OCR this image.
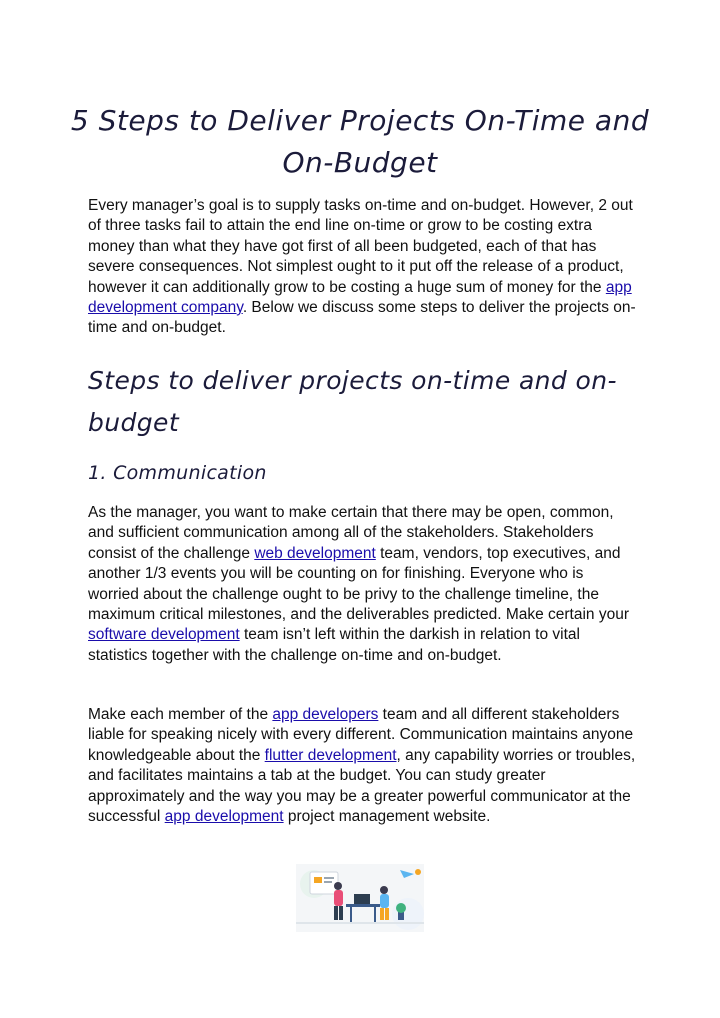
5 Steps to Deliver Projects On-Time and On-Budget

Every manager’s goal is to supply tasks on-time and on-budget. However, 2 out of three tasks fail to attain the end line on-time or grow to be costing extra money than what they have got first of all been budgeted, each of that has severe consequences. Not simplest ought to it put off the release of a product, however it can additionally grow to be costing a huge sum of money for the app development company. Below we discuss some steps to deliver the projects on-time and on-budget.

Steps to deliver projects on-time and on-budget
1. Communication

As the manager, you want to make certain that there may be open, common, and sufficient communication among all of the stakeholders. Stakeholders consist of the challenge web development team, vendors, top executives, and another 1/3 events you will be counting on for finishing. Everyone who is worried about the challenge ought to be privy to the challenge timeline, the maximum critical milestones, and the deliverables predicted. Make certain your software development team isn’t left within the darkish in relation to vital statistics together with the challenge on-time and on-budget.

Make each member of the app developers team and all different stakeholders liable for speaking nicely with every different. Communication maintains anyone knowledgeable about the flutter development, any capability worries or troubles, and facilitates maintains a tab at the budget. You can study greater approximately and the way you may be a greater powerful communicator at the successful app development project management website.
